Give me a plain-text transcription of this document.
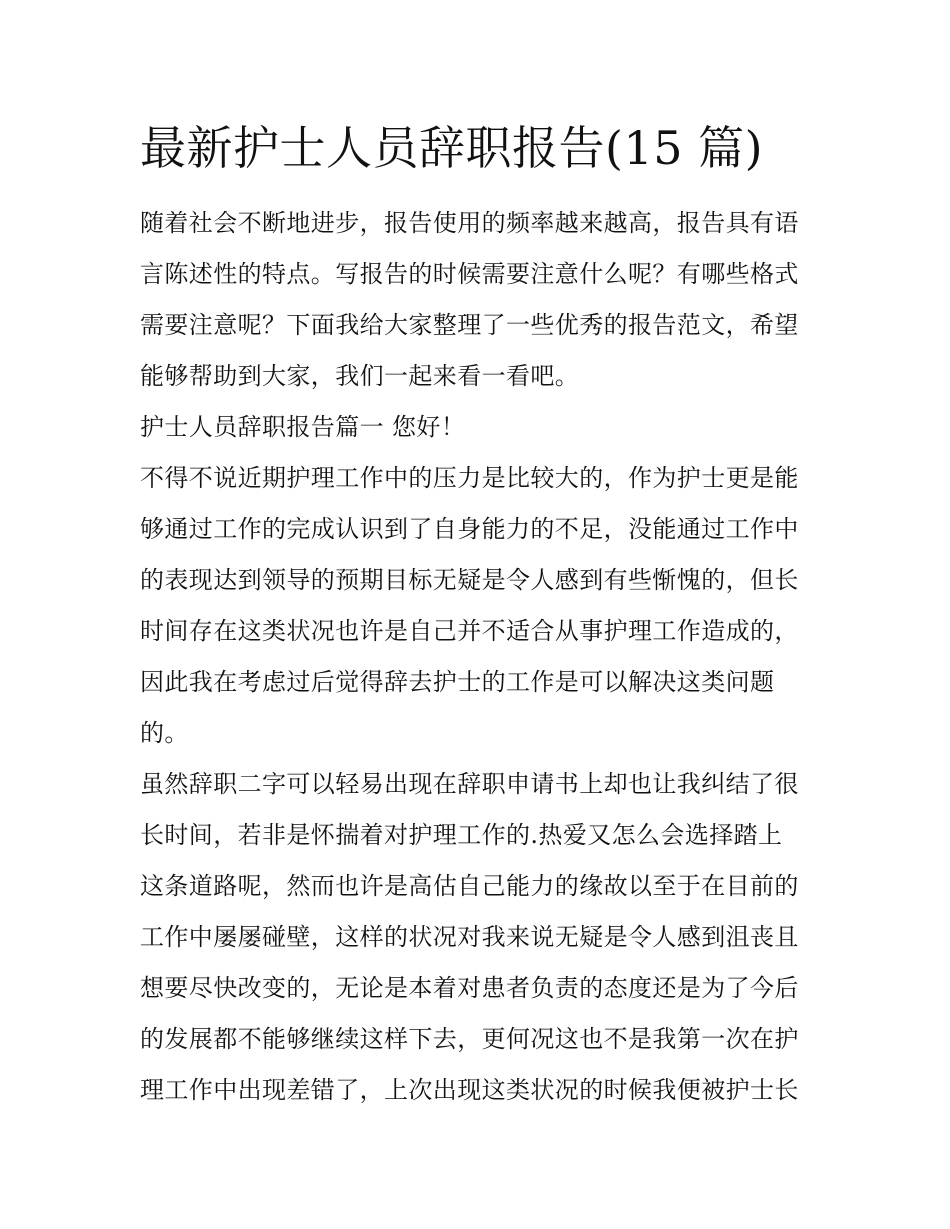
最新护士人员辞职报告(15 篇)

随着社会不断地进步，报告使用的频率越来越高，报告具有语
言陈述性的特点。写报告的时候需要注意什么呢？有哪些格式
需要注意呢？下面我给大家整理了一些优秀的报告范文，希望
能够帮助到大家，我们一起来看一看吧。

护士人员辞职报告篇一 您好！

不得不说近期护理工作中的压力是比较大的，作为护士更是能
够通过工作的完成认识到了自身能力的不足，没能通过工作中
的表现达到领导的预期目标无疑是令人感到有些惭愧的，但长
时间存在这类状况也许是自己并不适合从事护理工作造成的，
因此我在考虑过后觉得辞去护士的工作是可以解决这类问题
的。

虽然辞职二字可以轻易出现在辞职申请书上却也让我纠结了很
长时间，若非是怀揣着对护理工作的.热爱又怎么会选择踏上
这条道路呢，然而也许是高估自己能力的缘故以至于在目前的
工作中屡屡碰壁，这样的状况对我来说无疑是令人感到沮丧且
想要尽快改变的，无论是本着对患者负责的态度还是为了今后
的发展都不能够继续这样下去，更何况这也不是我第一次在护
理工作中出现差错了，上次出现这类状况的时候我便被护士长
